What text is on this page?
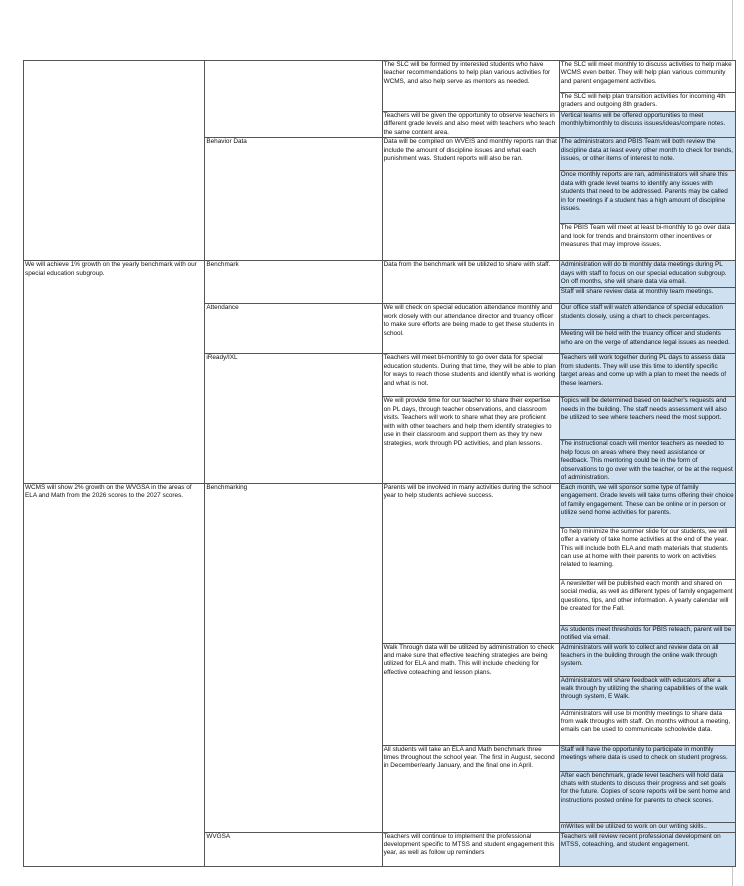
		The SLC will be formed by interested students who have teacher recommendations to help plan various activities for WCMS, and also help serve as mentors as needed.	The SLC will meet monthly to discuss activities to help make WCMS even better. They will help plan various community and parent engagement activities.
			The SLC will help plan transition activities for incoming 4th graders and outgoing 8th graders.
		Teachers will be given the opportunity to observe teachers in different grade levels and also meet with teachers who teach the same content area.	Vertical teams will be offered opportunities to meet monthly/bimonthly to discuss issues/ideas/compare notes.
	Behavior Data	Data will be compiled on WVEIS and monthly reports ran that include the amount of discipline issues and what each punishment was. Student reports will also be ran.	The administrators and PBIS Team will both review the discipline data at least every other month to check for trends, issues, or other items of interest to note.
			Once monthly reports are ran, administrators will share this data with grade level teams to identify any issues with students that need to be addressed. Parents may be called in for meetings if a student has a high amount of discipline issues.
			The PBIS Team will meet at least bi-monthly to go over data and look for trends and brainstorm other incentives or measures that may improve issues.
We will achieve 1% growth on the yearly benchmark with our special education subgroup.	Benchmark	Data from the benchmark will be utilized to share with staff.	Administration will do bi monthly data meetings during PL days with staff to focus on our special education subgroup. On off months, she will share data via email.
			Staff will share review data at monthly team meetings.
	Attendance	We will check on special education attendance monthly and work closely with our attendance director and truancy officer to make sure efforts are being made to get these students in school.	Our office staff will watch attendance of special education students closely, using a chart to check percentages.
			Meeting will be held with the truancy officer and students who are on the verge of attendance legal issues as needed.
	iReady/IXL	Teachers will meet bi-monthly to go over data for special education students. During that time, they will be able to plan for ways to reach those students and identify what is working and what is not.	Teachers will work together during PL days to assess data from students. They will use this time to identify specific target areas and come up with a plan to meet the needs of these learners.
		We will provide time for our teacher to share their expertise on PL days, through teacher observations, and classroom visits. Teachers will work to share what they are proficient with with other teachers and help them identify strategies to use in their classroom and support them as they try new strategies, work through PD activities, and plan lessons.	Topics will be determined based on teacher's requests and needs in the building. The staff needs assessment will also be utilized to see where teachers need the most support.
			The instructional coach will mentor teachers as needed to help focus on areas where they need assistance or feedback. This mentoring could be in the form of observations to go over with the teacher, or be at the request of administration.
WCMS will show 2% growth on the WVGSA in the areas of ELA and Math from the 2026 scores to the 2027 scores.	Benchmarking	Parents will be involved in many activities during the school year to help students achieve success.	Each month, we will sponsor some type of family engagement. Grade levels will take turns offering their choice of family engagement. These can be online or in person or utilize send home activities for parents.
			To help minimize the summer slide for our students, we will offer a variety of take home activities at the end of the year. This will include both ELA and math materials that students can use at home with their parents to work on activities related to learning.
			A newsletter will be published each month and shared on social media, as well as different types of family engagement questions, tips, and other information. A yearly calendar will be created for the Fall.
			As students meet thresholds for PBIS reteach, parent will be notified via email.
		Walk Through data will be utilized by administration to check and make sure that effective teaching strategies are being utilized for ELA and math. This will include checking for effective coteaching and lesson plans.	Administrators will work to collect and review data on all teachers in the building through the online walk through system.
			Administrators will share feedback with educators after a walk through by utilizing the sharing capabilities of the walk through system, E Walk.
			Administrators will use bi monthly meetings to share data from walk throughs with staff. On months without a meeting, emails can be used to communicate schoolwide data.
		All students will take an ELA and Math benchmark three times throughout the school year. The first in August, second in December/early January, and the final one in April.	Staff will have the opportunity to participate in monthly meetings where data is used to check on student progress.
			After each benchmark, grade level teachers will hold data chats with students to discuss their progress and set goals for the future. Copies of score reports will be sent home and instructions posted online for parents to check scores.
			mWrites will be utilized to work on our writing skills..
	WVGSA	Teachers will continue to implement the professional development specific to MTSS and student engagement this year, as well as follow up reminders	Teachers will review recent professional development on MTSS, coteaching, and student engagement.
